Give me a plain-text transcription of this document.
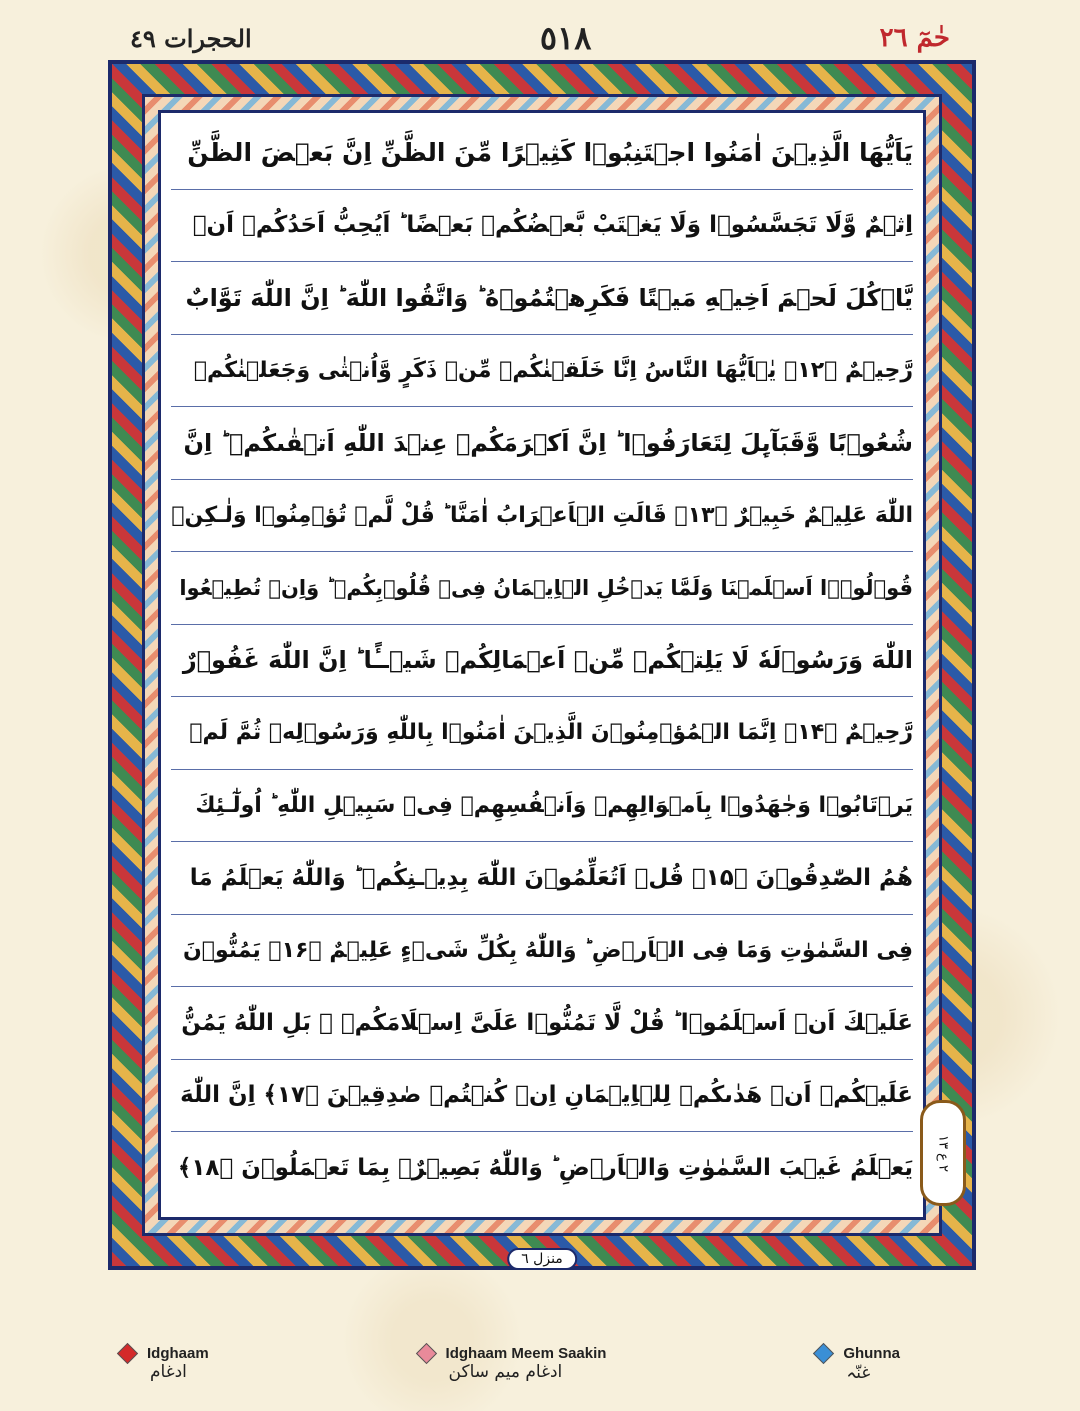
الحجرات ٤٩	٥١٨	حٰمٓ ٢٦
يَاَيُّهَا الَّذِيۡنَ اٰمَنُوا اجۡتَنِبُوۡا كَثِيۡرًا مِّنَ الظَّنِّ اِنَّ بَعۡضَ الظَّنِّ
اِثۡمٌ وَّلَا تَجَسَّسُوۡا وَلَا يَغۡتَبْ بَّعۡضُكُمۡ بَعۡضًا ؕ اَيُحِبُّ اَحَدُكُمۡ اَنۡ
يَّاۡكُلَ لَحۡمَ اَخِيۡهِ مَيۡتًا فَكَرِهۡتُمُوۡهُ ؕ وَاتَّقُوا اللّٰهَ ؕ اِنَّ اللّٰهَ تَوَّابٌ
رَّحِيۡمٌ ﴿۱۲﴾ يٰۤاَيُّهَا النَّاسُ اِنَّا خَلَقۡنٰكُمۡ مِّنۡ ذَكَرٍ وَّاُنۡثٰى وَجَعَلۡنٰكُمۡ
شُعُوۡبًا وَّقَبَآٮِٕلَ لِتَعَارَفُوۡا ؕ اِنَّ اَكۡرَمَكُمۡ عِنۡدَ اللّٰهِ اَتۡقٰٮكُمۡ ؕ اِنَّ
اللّٰهَ عَلِيۡمٌ خَبِيۡرٌ ﴿۱۳﴾ قَالَتِ الۡاَعۡرَابُ اٰمَنَّا ؕ قُلْ لَّمۡ تُؤۡمِنُوۡا وَلٰـكِنۡ
قُوۡلُوۡۤا اَسۡلَمۡنَا وَلَمَّا يَدۡخُلِ الۡاِيۡمَانُ فِىۡ قُلُوۡبِكُمۡ ؕ وَاِنۡ تُطِيۡعُوا
اللّٰهَ وَرَسُوۡلَهٗ لَا يَلِتۡكُمۡ مِّنۡ اَعۡمَالِكُمۡ شَيۡــًٔا ؕ اِنَّ اللّٰهَ غَفُوۡرٌ
رَّحِيۡمٌ ﴿۱۴﴾ اِنَّمَا الۡمُؤۡمِنُوۡنَ الَّذِيۡنَ اٰمَنُوۡا بِاللّٰهِ وَرَسُوۡلِهٖ ثُمَّ لَمۡ
يَرۡتَابُوۡا وَجٰهَدُوۡا بِاَمۡوَالِهِمۡ وَاَنۡفُسِهِمۡ فِىۡ سَبِيۡلِ اللّٰهِ ؕ اُولٰٓـئِكَ
هُمُ الصّٰدِقُوۡنَ ﴿۱۵﴾ قُلۡ اَتُعَلِّمُوۡنَ اللّٰهَ بِدِيۡـنِكُمۡ ؕ وَاللّٰهُ يَعۡلَمُ مَا
فِى السَّمٰوٰتِ وَمَا فِى الۡاَرۡضِ ؕ وَاللّٰهُ بِكُلِّ شَىۡءٍ عَلِيۡمٌ ﴿۱۶﴾ يَمُنُّوۡنَ
عَلَيۡكَ اَنۡ اَسۡلَمُوۡا ؕ قُلْ لَّا تَمُنُّوۡا عَلَىَّ اِسۡلَامَكُمۡ ۚ بَلِ اللّٰهُ يَمُنُّ
عَلَيۡكُمۡ اَنۡ هَدٰٮكُمۡ لِلۡاِيۡمَانِ اِنۡ كُنۡتُمۡ صٰدِقِيۡنَ ﴿۱۷﴾ اِنَّ اللّٰهَ
يَعۡلَمُ غَيۡبَ السَّمٰوٰتِ وَالۡاَرۡضِ ؕ وَاللّٰهُ بَصِيۡرٌۢ بِمَا تَعۡمَلُوۡنَ ﴿۱۸﴾
منزل ٦
٢ ع ١٣
Idghaam
ادغام
Idghaam Meem Saakin
ادغام ميم ساكن
Ghunna
غنّہ
